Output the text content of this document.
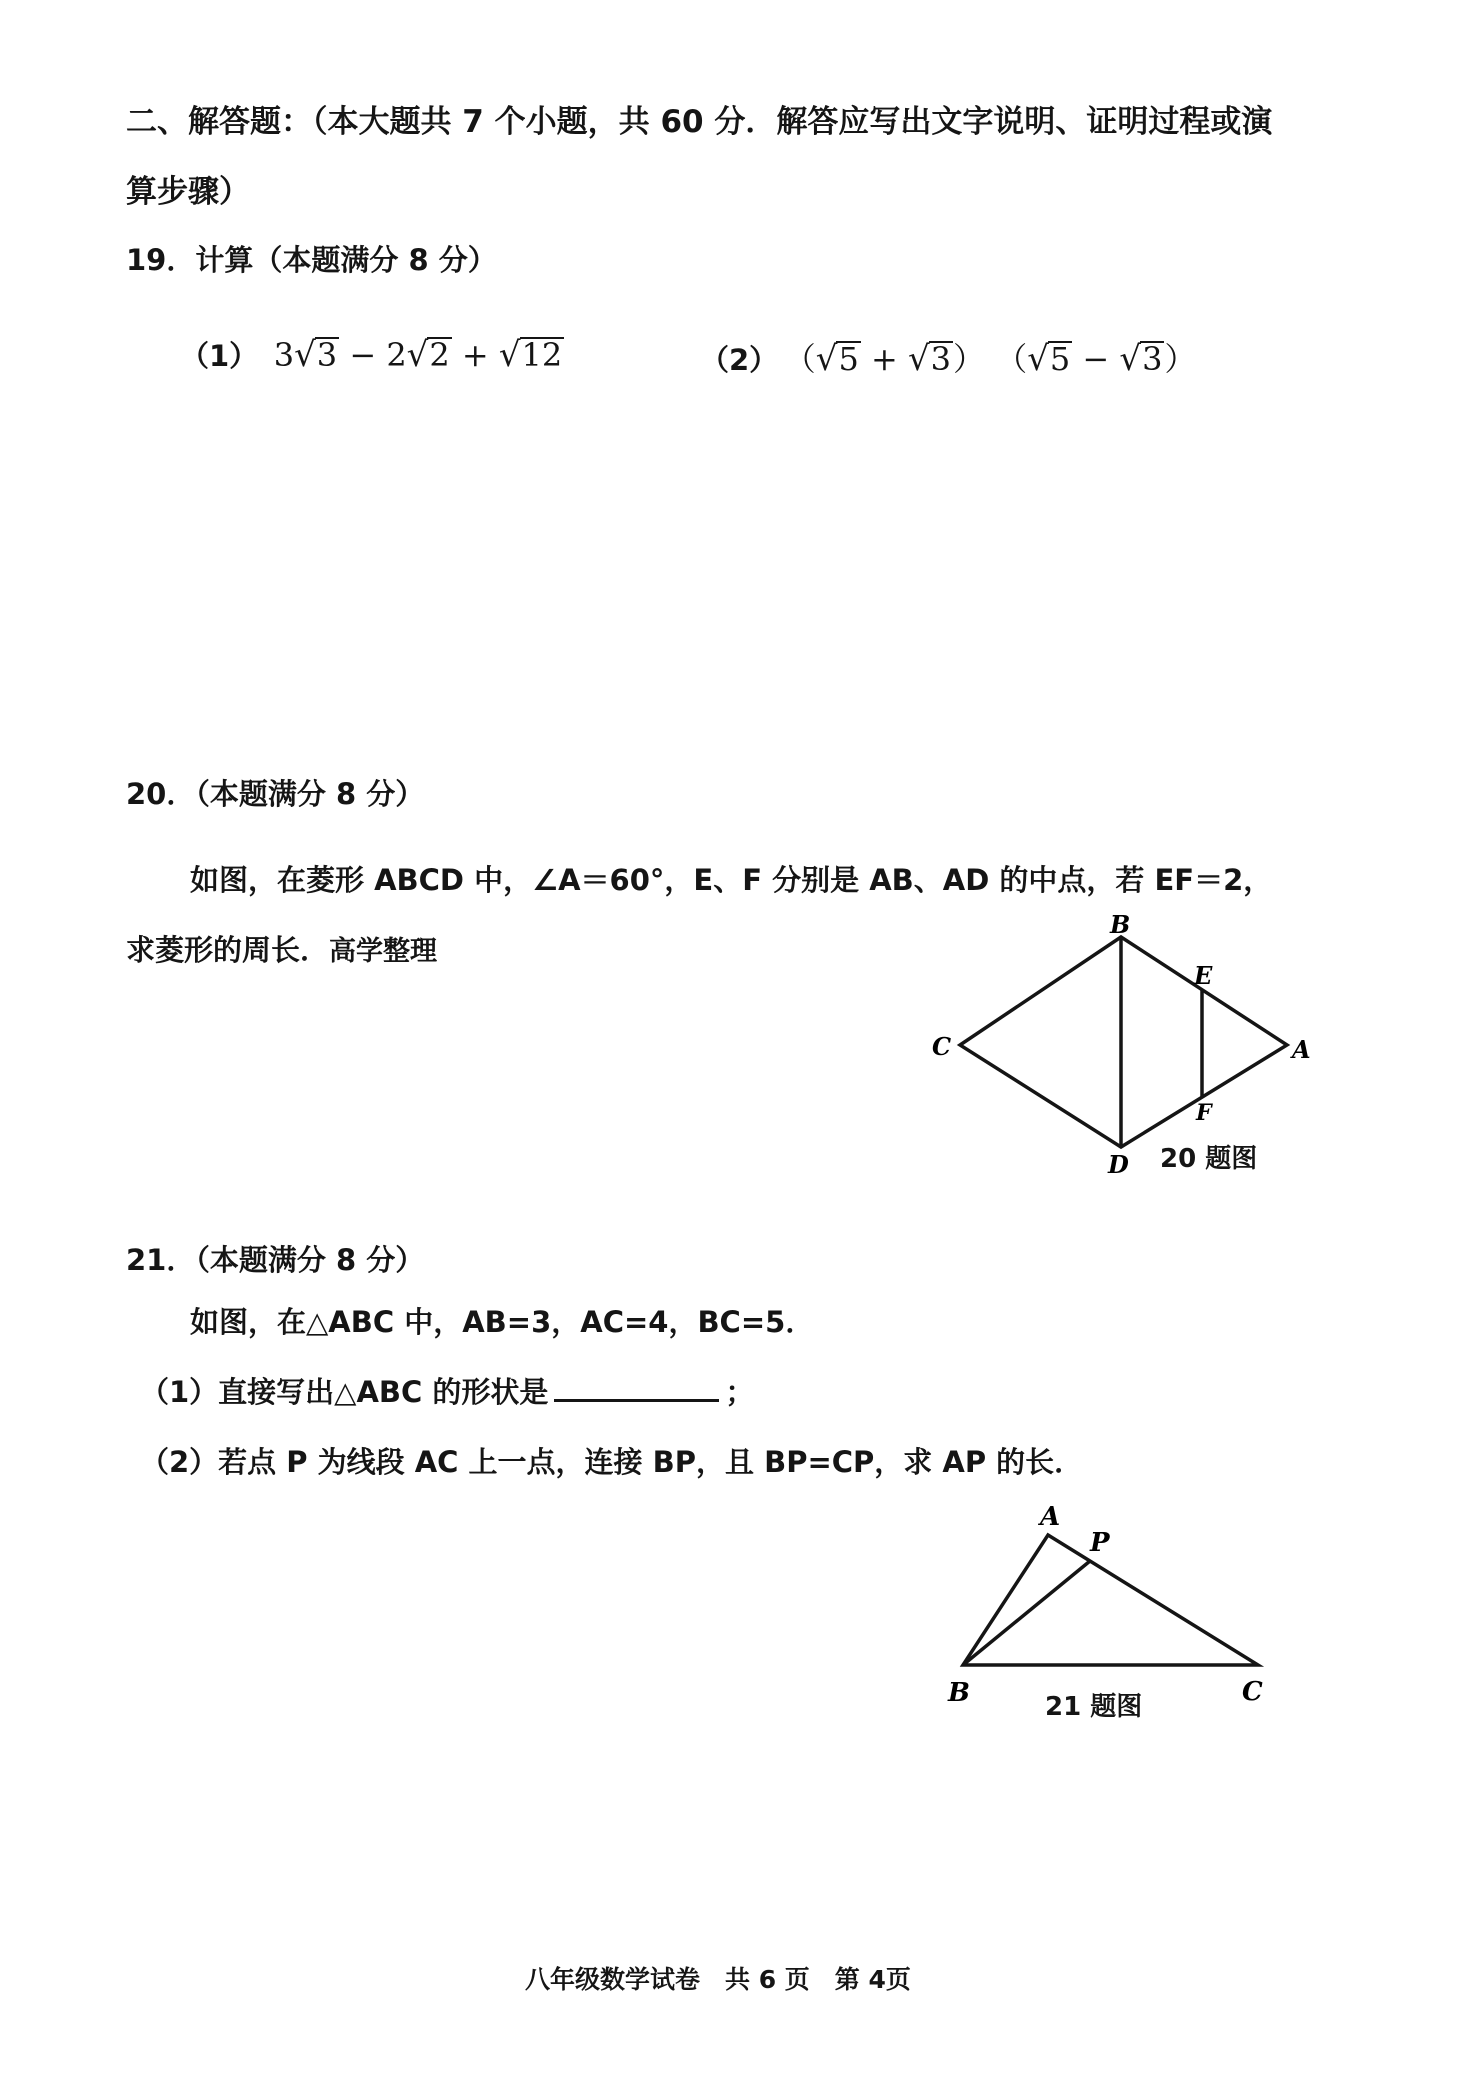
二、解答题：（本大题共 7 个小题，共 60 分．解答应写出文字说明、证明过程或演
算步骤）
19．计算（本题满分 8 分）
（1） 3√3 − 2√2 + √12	（2） （√5 + √3） （√5 − √3）
20．（本题满分 8 分）
如图，在菱形 ABCD 中，∠A＝60°，E、F 分别是 AB、AD 的中点，若 EF＝2，
求菱形的周长．高学整理
B
E
C	A
F
D 20 题图
21．（本题满分 8 分）
如图，在△ABC 中，AB=3，AC=4，BC=5．
（1）直接写出△ABC 的形状是	；
（2）若点 P 为线段 AC 上一点，连接 BP，且 BP=CP，求 AP 的长．
A
P
B	C
21 题图
八年级数学试卷　共 6 页　第 4页
